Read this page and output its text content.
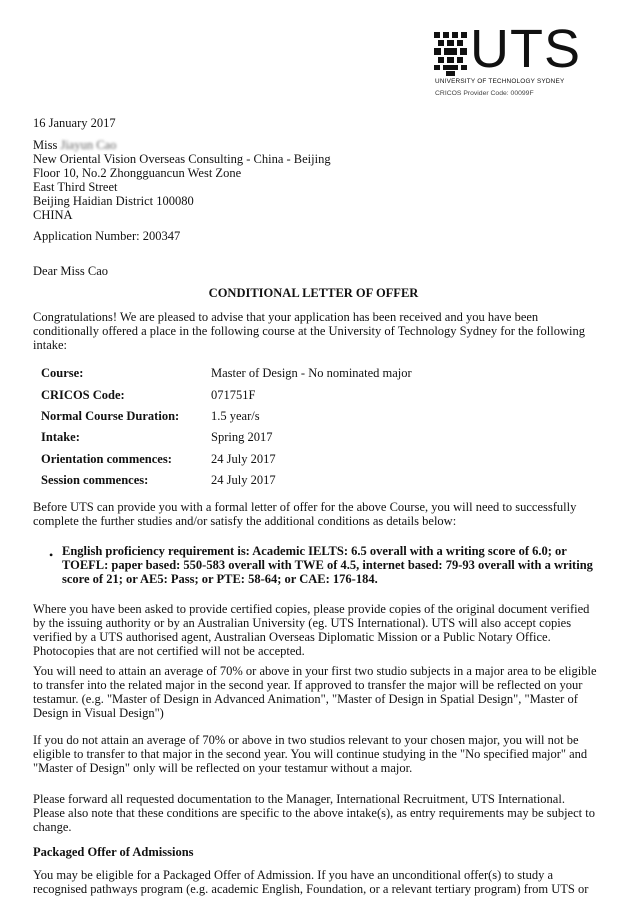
UTS
UNIVERSITY OF TECHNOLOGY SYDNEY
CRICOS Provider Code: 00099F
16 January 2017
Miss Jiayun Cao
New Oriental Vision Overseas Consulting - China - Beijing
Floor 10, No.2 Zhongguancun West Zone
East Third Street
Beijing Haidian District 100080
CHINA
Application Number: 200347
Dear Miss Cao
CONDITIONAL LETTER OF OFFER
Congratulations! We are pleased to advise that your application has been received and you have been
conditionally offered a place in the following course at the University of Technology Sydney for the following
intake:
Course:	Master of Design - No nominated major
CRICOS Code:	071751F
Normal Course Duration:	1.5 year/s
Intake:	Spring 2017
Orientation commences:	24 July 2017
Session commences:	24 July 2017
Before UTS can provide you with a formal letter of offer for the above Course, you will need to successfully
complete the further studies and/or satisfy the additional conditions as details below:
• English proficiency requirement is: Academic IELTS: 6.5 overall with a writing score of 6.0; or
TOEFL: paper based: 550-583 overall with TWE of 4.5, internet based: 79-93 overall with a writing
score of 21; or AE5: Pass; or PTE: 58-64; or CAE: 176-184.
Where you have been asked to provide certified copies, please provide copies of the original document verified
by the issuing authority or by an Australian University (eg. UTS International). UTS will also accept copies
verified by a UTS authorised agent, Australian Overseas Diplomatic Mission or a Public Notary Office.
Photocopies that are not certified will not be accepted.
You will need to attain an average of 70% or above in your first two studio subjects in a major area to be eligible
to transfer into the related major in the second year. If approved to transfer the major will be reflected on your
testamur. (e.g. "Master of Design in Advanced Animation", "Master of Design in Spatial Design", "Master of
Design in Visual Design")
If you do not attain an average of 70% or above in two studios relevant to your chosen major, you will not be
eligible to transfer to that major in the second year. You will continue studying in the "No specified major" and
"Master of Design" only will be reflected on your testamur without a major.
Please forward all requested documentation to the Manager, International Recruitment, UTS International.
Please also note that these conditions are specific to the above intake(s), as entry requirements may be subject to
change.
Packaged Offer of Admissions
You may be eligible for a Packaged Offer of Admission. If you have an unconditional offer(s) to study a
recognised pathways program (e.g. academic English, Foundation, or a relevant tertiary program) from UTS or
